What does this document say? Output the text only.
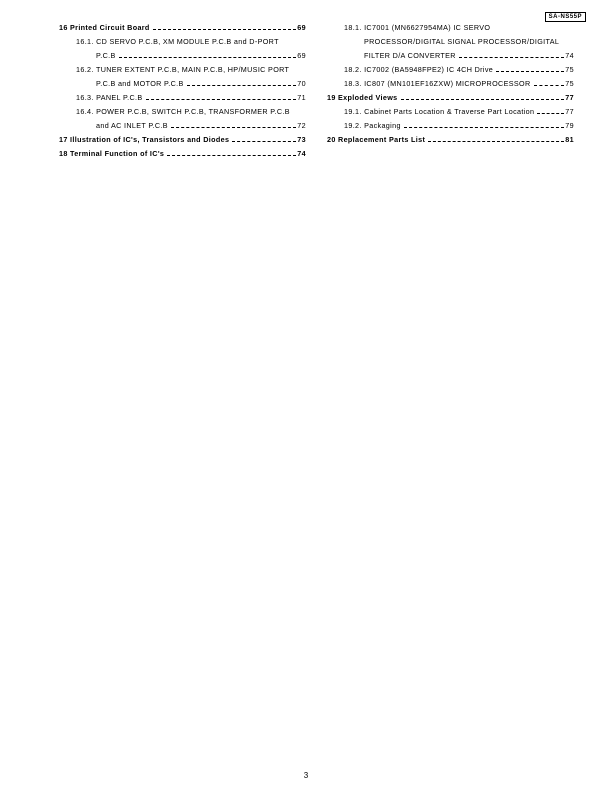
SA-NS55P
16 Printed Circuit Board	69
16.1. CD SERVO P.C.B, XM MODULE P.C.B and D-PORT
P.C.B	69
16.2. TUNER EXTENT P.C.B, MAIN P.C.B, HP/MUSIC PORT
P.C.B and MOTOR P.C.B	70
16.3. PANEL P.C.B	71
16.4. POWER P.C.B, SWITCH P.C.B, TRANSFORMER P.C.B
and AC INLET P.C.B	72
17 Illustration of IC's, Transistors and Diodes	73
18 Terminal Function of IC's	74
18.1. IC7001 (MN6627954MA) IC SERVO
PROCESSOR/DIGITAL SIGNAL PROCESSOR/DIGITAL
FILTER D/A CONVERTER	74
18.2. IC7002 (BA5948FPE2) IC 4CH Drive	75
18.3. IC807 (MN101EF16ZXW) MICROPROCESSOR	75
19 Exploded Views	77
19.1. Cabinet Parts Location & Traverse Part Location	77
19.2. Packaging	79
20 Replacement Parts List	81
3
